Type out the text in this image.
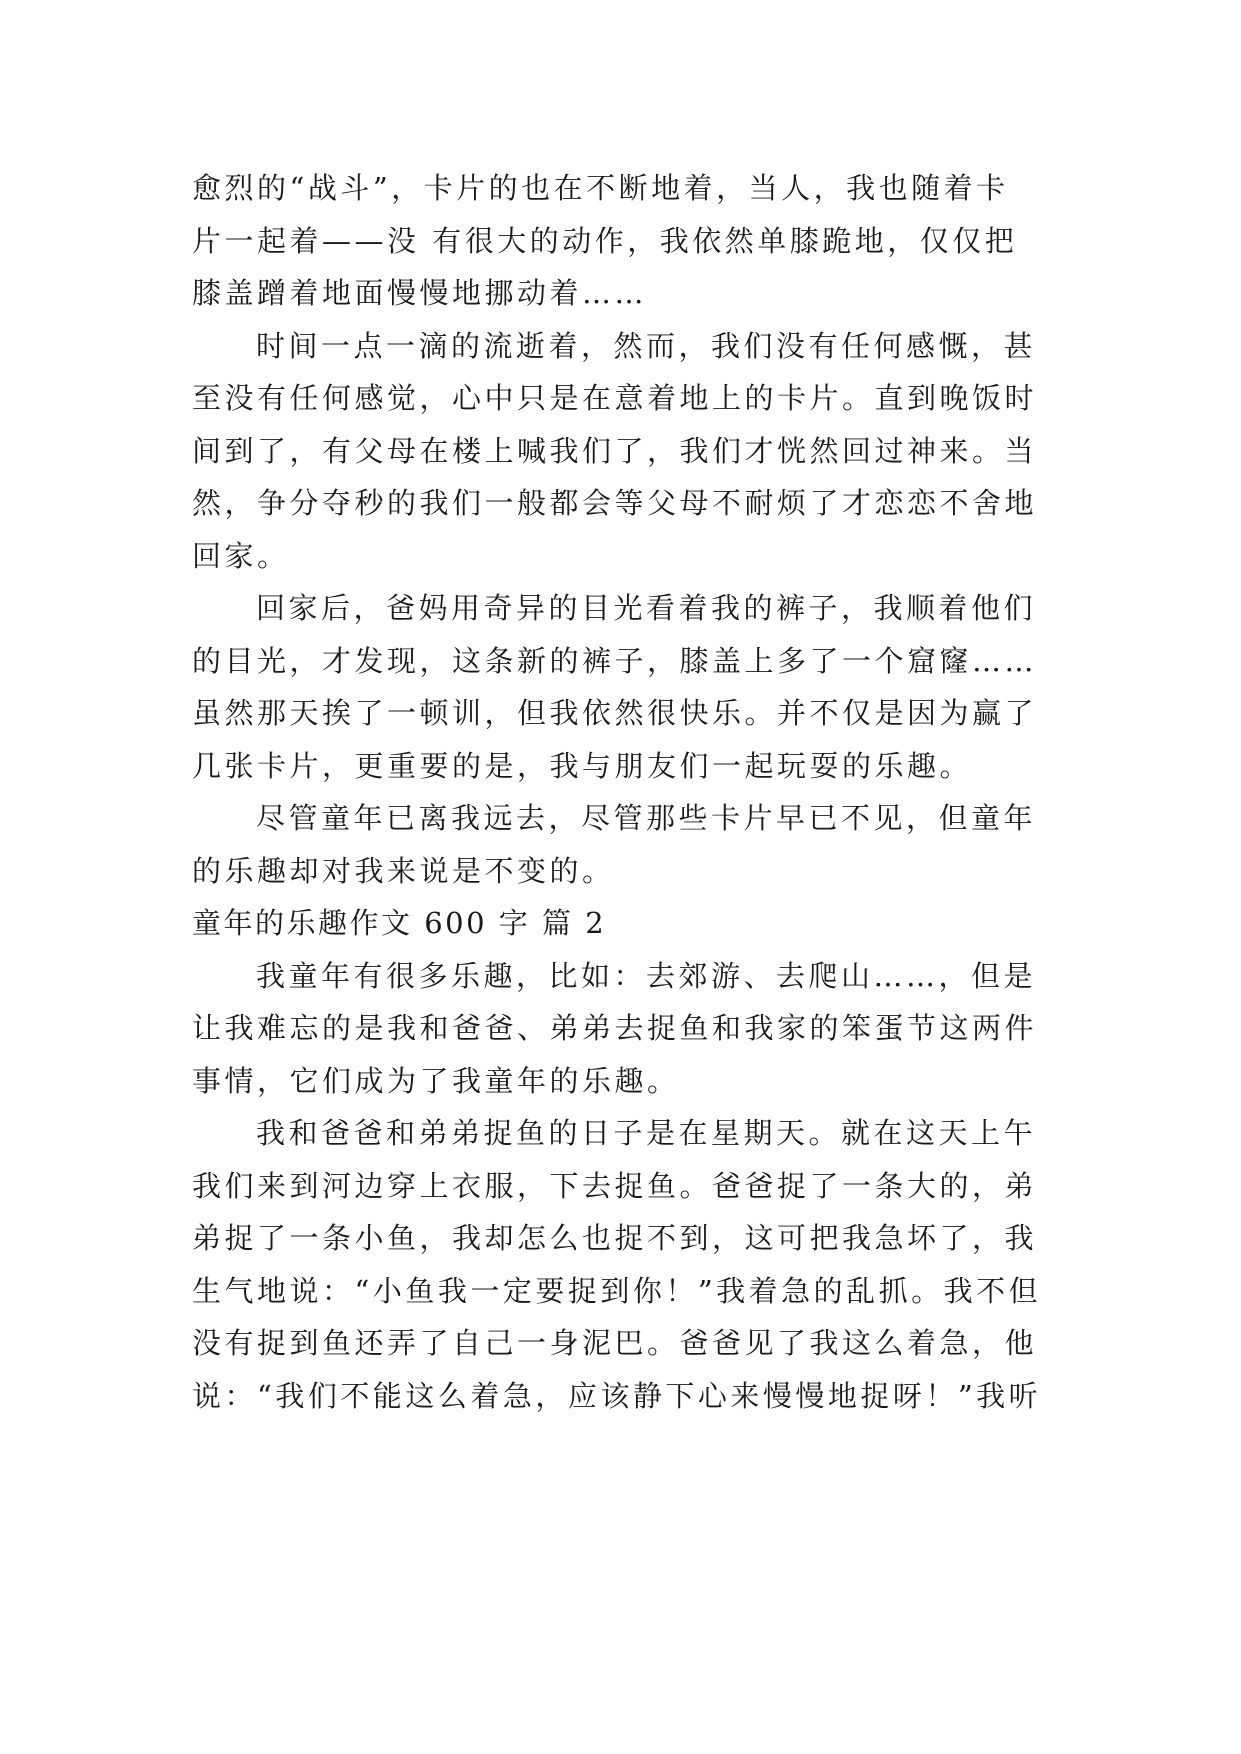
愈烈的“战斗”，卡片的也在不断地着，当人，我也随着卡
片一起着——没 有很大的动作，我依然单膝跪地，仅仅把
膝盖蹭着地面慢慢地挪动着……
时间一点一滴的流逝着，然而，我们没有任何感慨，甚
至没有任何感觉，心中只是在意着地上的卡片。直到晚饭时
间到了，有父母在楼上喊我们了，我们才恍然回过神来。当
然，争分夺秒的我们一般都会等父母不耐烦了才恋恋不舍地
回家。
回家后，爸妈用奇异的目光看着我的裤子，我顺着他们
的目光，才发现，这条新的裤子，膝盖上多了一个窟窿……
虽然那天挨了一顿训，但我依然很快乐。并不仅是因为赢了
几张卡片，更重要的是，我与朋友们一起玩耍的乐趣。
尽管童年已离我远去，尽管那些卡片早已不见，但童年
的乐趣却对我来说是不变的。
童年的乐趣作文 600 字 篇 2
我童年有很多乐趣，比如：去郊游、去爬山……，但是
让我难忘的是我和爸爸、弟弟去捉鱼和我家的笨蛋节这两件
事情，它们成为了我童年的乐趣。
我和爸爸和弟弟捉鱼的日子是在星期天。就在这天上午
我们来到河边穿上衣服，下去捉鱼。爸爸捉了一条大的，弟
弟捉了一条小鱼，我却怎么也捉不到，这可把我急坏了，我
生气地说：“小鱼我一定要捉到你！”我着急的乱抓。我不但
没有捉到鱼还弄了自己一身泥巴。爸爸见了我这么着急，他
说：“我们不能这么着急，应该静下心来慢慢地捉呀！”我听
